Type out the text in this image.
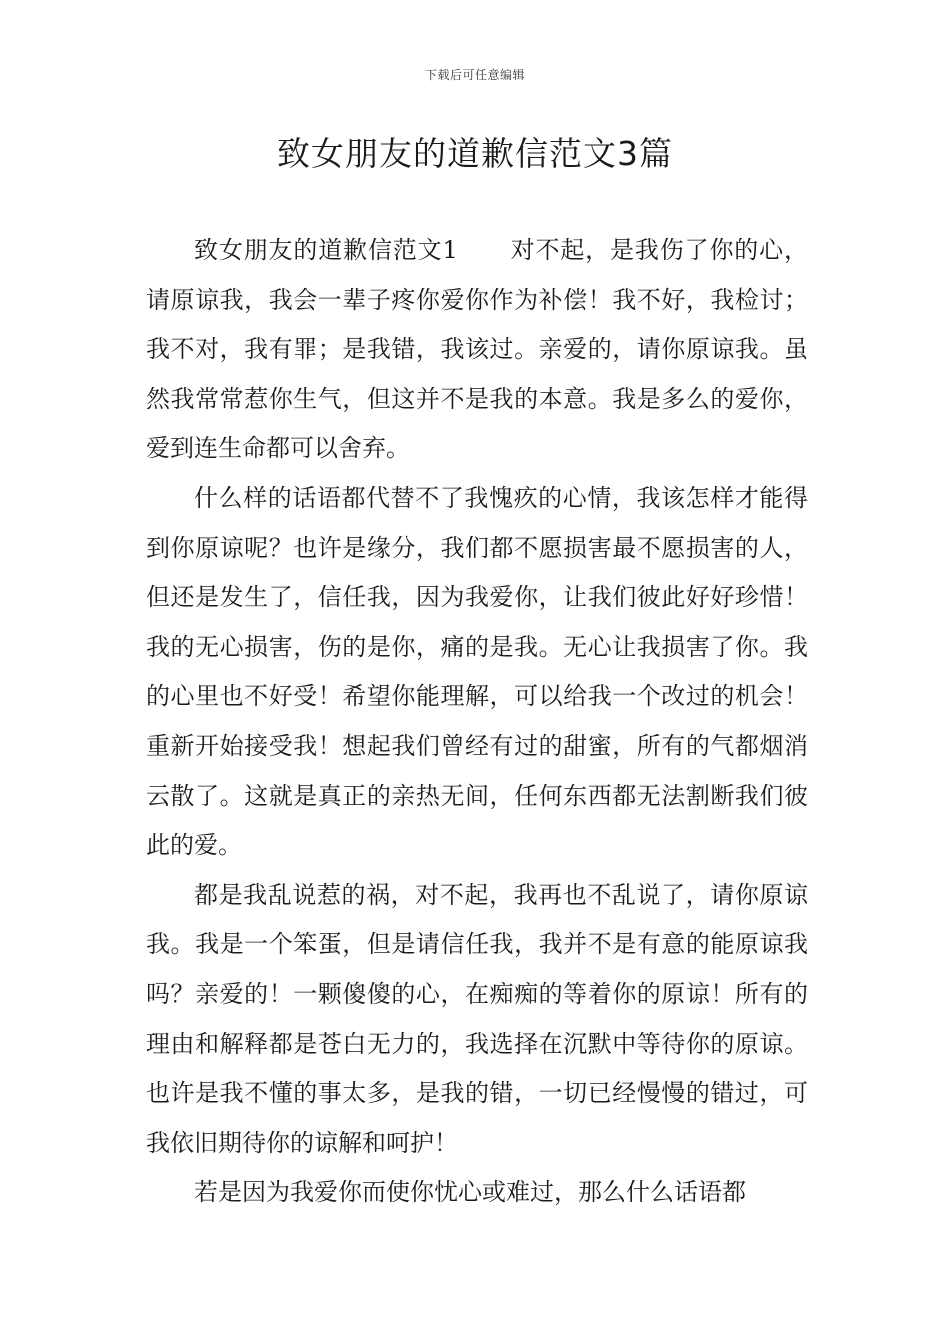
下载后可任意编辑
致女朋友的道歉信范文3篇

致女朋友的道歉信范文1 对不起，是我伤了你的心，请原谅我，我会一辈子疼你爱你作为补偿！我不好，我检讨；我不对，我有罪；是我错，我该过。亲爱的，请你原谅我。虽然我常常惹你生气，但这并不是我的本意。我是多么的爱你，爱到连生命都可以舍弃。

什么样的话语都代替不了我愧疚的心情，我该怎样才能得到你原谅呢？也许是缘分，我们都不愿损害最不愿损害的人，但还是发生了，信任我，因为我爱你，让我们彼此好好珍惜！我的无心损害，伤的是你，痛的是我。无心让我损害了你。我的心里也不好受！希望你能理解，可以给我一个改过的机会！重新开始接受我！想起我们曾经有过的甜蜜，所有的气都烟消云散了。这就是真正的亲热无间，任何东西都无法割断我们彼此的爱。

都是我乱说惹的祸，对不起，我再也不乱说了，请你原谅我。我是一个笨蛋，但是请信任我，我并不是有意的能原谅我吗？亲爱的！一颗傻傻的心，在痴痴的等着你的原谅！所有的理由和解释都是苍白无力的，我选择在沉默中等待你的原谅。也许是我不懂的事太多，是我的错，一切已经慢慢的错过，可我依旧期待你的谅解和呵护！

若是因为我爱你而使你忧心或难过，那么什么话语都
